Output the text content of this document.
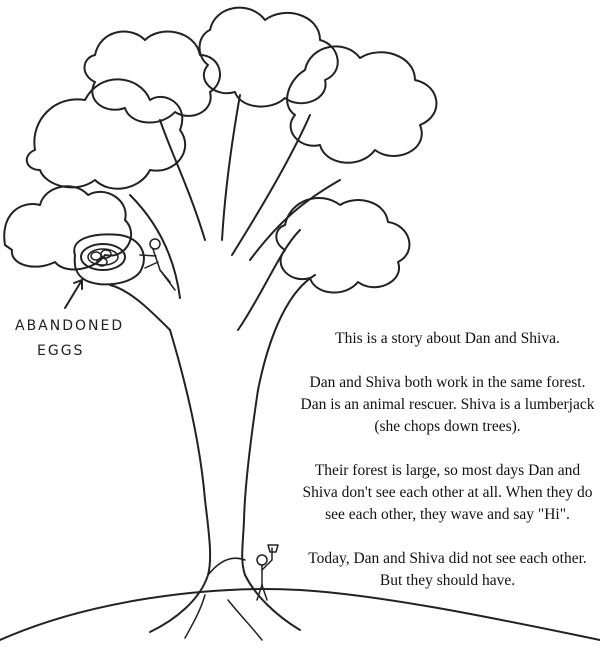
ABANDONED

EGGS

This is a story about Dan and Shiva.

Dan and Shiva both work in the same forest. Dan is an animal rescuer. Shiva is a lumberjack (she chops down trees).

Their forest is large, so most days Dan and Shiva don't see each other at all. When they do see each other, they wave and say "Hi".

Today, Dan and Shiva did not see each other. But they should have.
